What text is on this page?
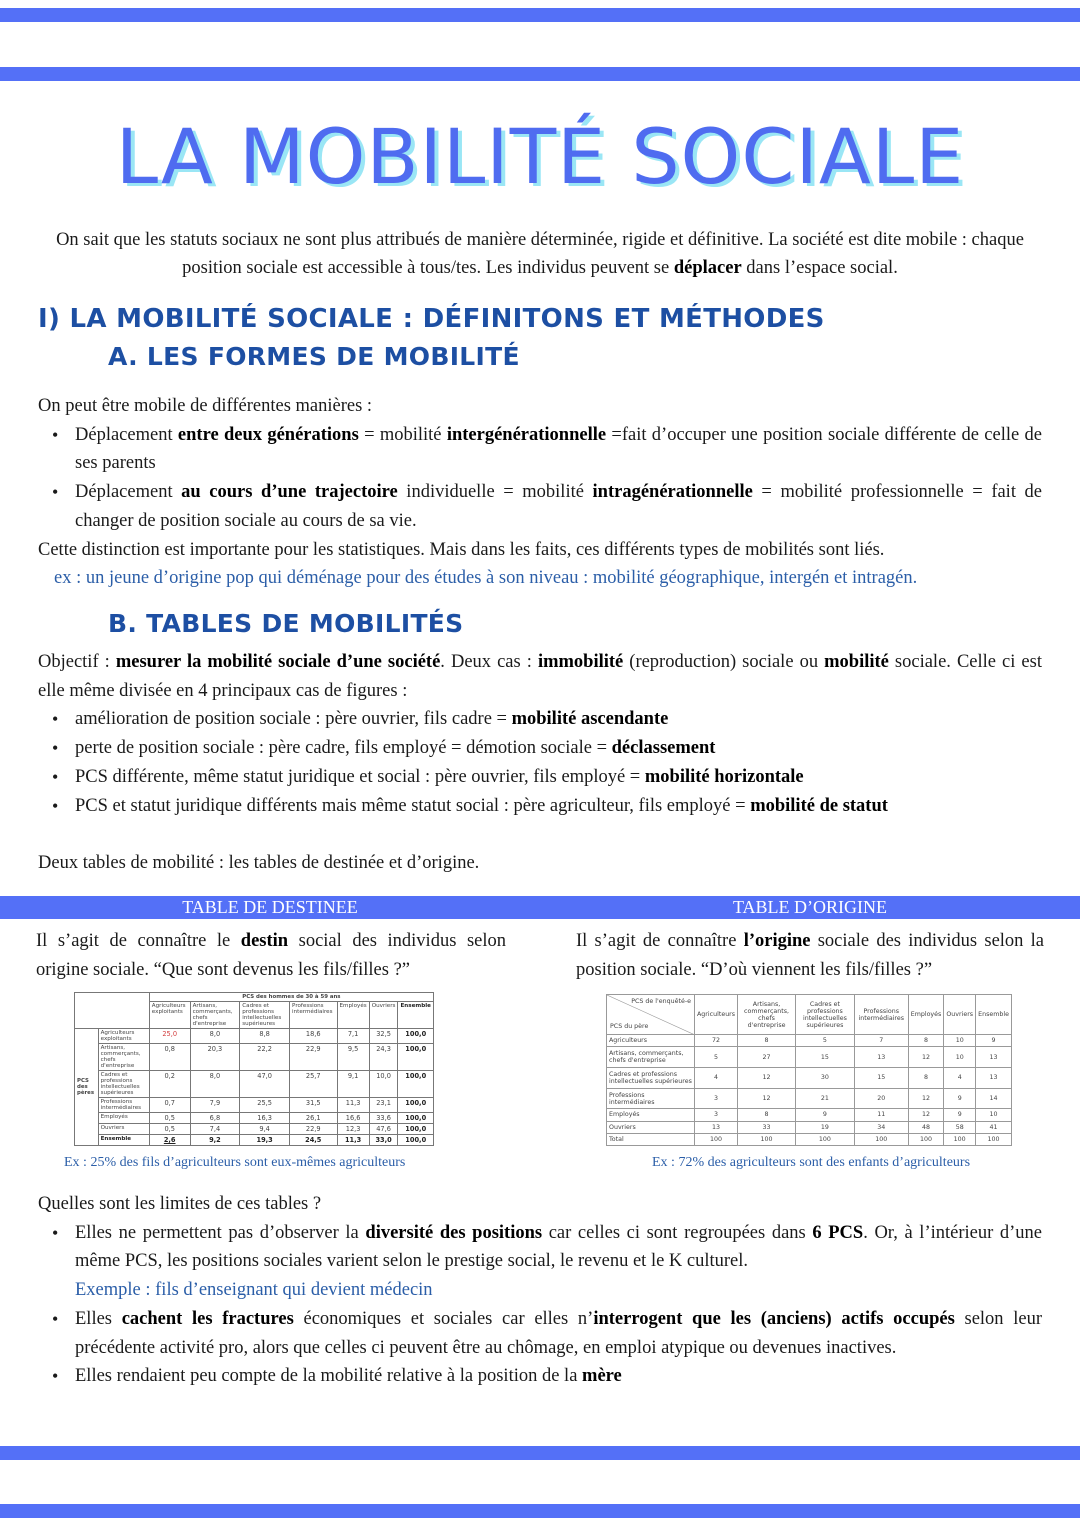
LA MOBILITÉ SOCIALE

On sait que les statuts sociaux ne sont plus attribués de manière déterminée, rigide et définitive. La société est dite mobile : chaque position sociale est accessible à tous/tes. Les individus peuvent se déplacer dans l’espace social.

I) LA MOBILITÉ SOCIALE : DÉFINITONS ET MÉTHODES
A. LES FORMES DE MOBILITÉ

On peut être mobile de différentes manières :

• Déplacement entre deux générations = mobilité intergénérationnelle =fait d’occuper une position sociale différente de celle de ses parents
• Déplacement au cours d’une trajectoire individuelle = mobilité intragénérationnelle = mobilité professionnelle = fait de changer de position sociale au cours de sa vie.

Cette distinction est importante pour les statistiques. Mais dans les faits, ces différents types de mobilités sont liés.

ex : un jeune d’origine pop qui déménage pour des études à son niveau : mobilité géographique, intergén et intragén.

B. TABLES DE MOBILITÉS

Objectif : mesurer la mobilité sociale d’une société. Deux cas : immobilité (reproduction) sociale ou mobilité sociale. Celle ci est elle même divisée en 4 principaux cas de figures :

• amélioration de position sociale : père ouvrier, fils cadre = mobilité ascendante
• perte de position sociale : père cadre, fils employé = démotion sociale = déclassement
• PCS différente, même statut juridique et social : père ouvrier, fils employé = mobilité horizontale
• PCS et statut juridique différents mais même statut social : père agriculteur, fils employé = mobilité de statut

Deux tables de mobilité : les tables de destinée et d’origine.

TABLE DE DESTINEE	TABLE D’ORIGINE

Il s’agit de connaître le destin social des individus selon origine sociale. “Que sont devenus les fils/filles ?”

Il s’agit de connaître l’origine sociale des individus selon la position sociale. “D’où viennent les fils/filles ?”

		PCS des hommes de 30 à 59 ans						
		Agriculteurs exploitants	Artisans, commerçants, chefs d'entreprise	Cadres et professions intellectuelles supérieures	Professions intermédiaires	Employés	Ouvriers	Ensemble
PCS des pères	Agriculteurs exploitants	25,0	8,0	8,8	18,6	7,1	32,5	100,0
	Artisans, commerçants, chefs d'entreprise	0,8	20,3	22,2	22,9	9,5	24,3	100,0
	Cadres et professions intellectuelles supérieures	0,2	8,0	47,0	25,7	9,1	10,0	100,0
	Professions intermédiaires	0,7	7,9	25,5	31,5	11,3	23,1	100,0
	Employés	0,5	6,8	16,3	26,1	16,6	33,6	100,0
	Ouvriers	0,5	7,4	9,4	22,9	12,3	47,6	100,0
	Ensemble	2,6	9,2	19,3	24,5	11,3	33,0	100,0
PCS de l'enquêté-e
PCS du père	Agriculteurs	Artisans, commerçants, chefs d'entreprise	Cadres et professions intellectuelles supérieures	Professions intermédiaires	Employés	Ouvriers	Ensemble
Agriculteurs	72	8	5	7	8	10	9
Artisans, commerçants, chefs d'entreprise	5	27	15	13	12	10	13
Cadres et professions intellectuelles supérieures	4	12	30	15	8	4	13
Professions intermédiaires	3	12	21	20	12	9	14
Employés	3	8	9	11	12	9	10
Ouvriers	13	33	19	34	48	58	41
Total	100	100	100	100	100	100	100

Ex : 25% des fils d’agriculteurs sont eux-mêmes agriculteurs	Ex : 72% des agriculteurs sont des enfants d’agriculteurs

Quelles sont les limites de ces tables ?

• Elles ne permettent pas d’observer la diversité des positions car celles ci sont regroupées dans 6 PCS. Or, à l’intérieur d’une même PCS, les positions sociales varient selon le prestige social, le revenu et le K culturel.
Exemple : fils d’enseignant qui devient médecin
• Elles cachent les fractures économiques et sociales car elles n’interrogent que les (anciens) actifs occupés selon leur précédente activité pro, alors que celles ci peuvent être au chômage, en emploi atypique ou devenues inactives.
• Elles rendaient peu compte de la mobilité relative à la position de la mère
